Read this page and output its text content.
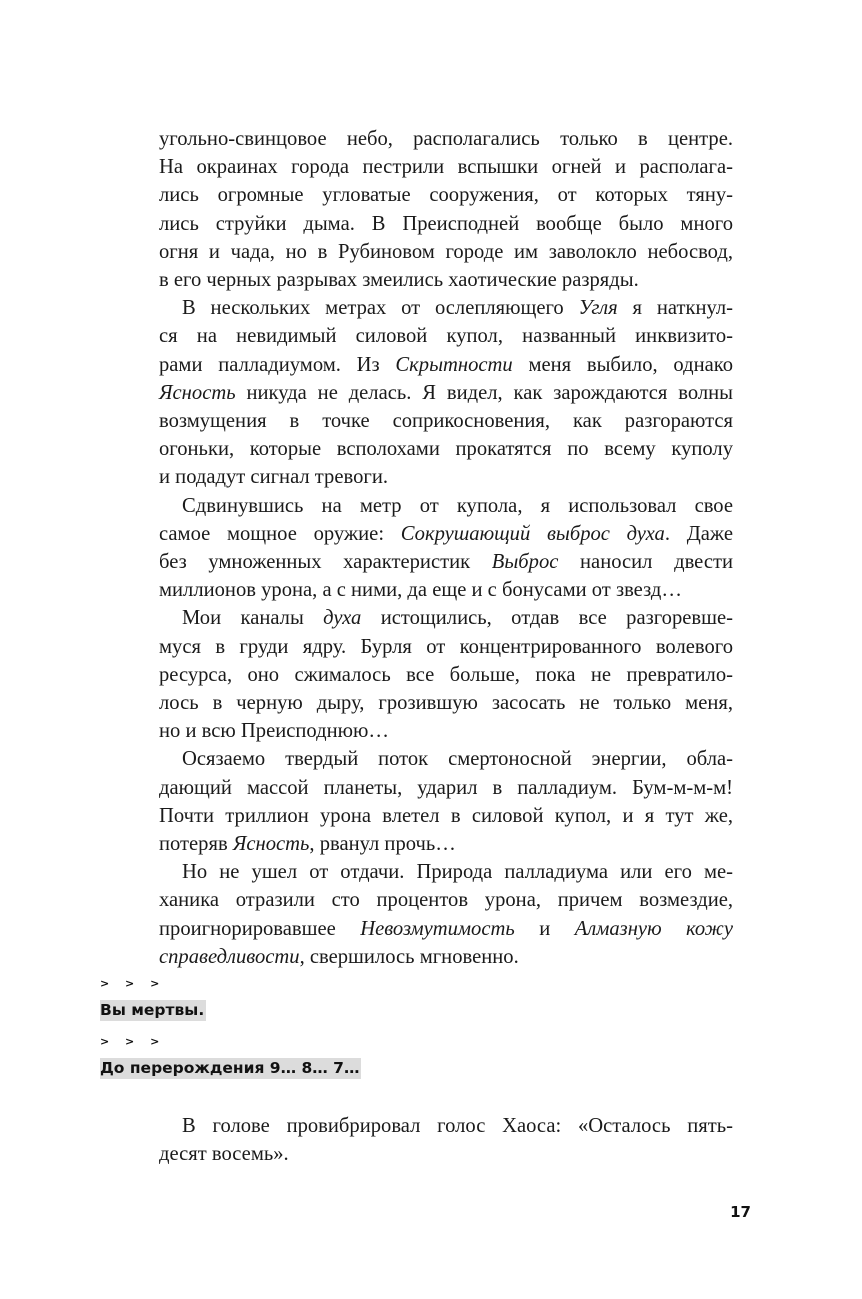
угольно-свинцовое небо, располагались только в центре.

На окраинах города пестрили вспышки огней и располага-

лись огромные угловатые сооружения, от которых тяну-

лись струйки дыма. В Преисподней вообще было много

огня и чада, но в Рубиновом городе им заволокло небосвод,

в его черных разрывах змеились хаотические разряды.

В нескольких метрах от ослепляющего Угля я наткнул-

ся на невидимый силовой купол, названный инквизито-

рами палладиумом. Из Скрытности меня выбило, однако

Ясность никуда не делась. Я видел, как зарождаются волны

возмущения в точке соприкосновения, как разгораются

огоньки, которые всполохами прокатятся по всему куполу

и подадут сигнал тревоги.

Сдвинувшись на метр от купола, я использовал свое

самое мощное оружие: Сокрушающий выброс духа. Даже

без умноженных характеристик Выброс наносил двести

миллионов урона, а с ними, да еще и с бонусами от звезд…

Мои каналы духа истощились, отдав все разгоревше-

муся в груди ядру. Бурля от концентрированного волевого

ресурса, оно сжималось все больше, пока не превратило-

лось в черную дыру, грозившую засосать не только меня,

но и всю Преисподнюю…

Осязаемо твердый поток смертоносной энергии, обла-

дающий массой планеты, ударил в палладиум. Бум-м-м-м!

Почти триллион урона влетел в силовой купол, и я тут же,

потеряв Ясность, рванул прочь…

Но не ушел от отдачи. Природа палладиума или его ме-

ханика отразили сто процентов урона, причем возмездие,

проигнорировавшее Невозмутимость и Алмазную кожу

справедливости, свершилось мгновенно.

> > >
Вы мертвы.
> > >
До перерождения 9… 8… 7…

В голове провибрировал голос Хаоса: «Осталось пять-

десят восемь».

17
